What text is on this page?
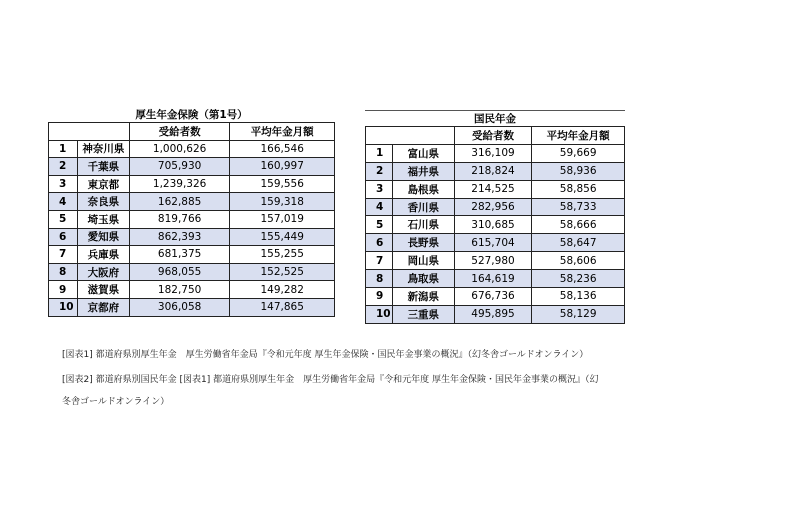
厚生年金保険（第1号）
		受給者数	平均年金月額
1	神奈川県	1,000,626	166,546
2	千葉県	705,930	160,997
3	東京都	1,239,326	159,556
4	奈良県	162,885	159,318
5	埼玉県	819,766	157,019
6	愛知県	862,393	155,449
7	兵庫県	681,375	155,255
8	大阪府	968,055	152,525
9	滋賀県	182,750	149,282
10	京都府	306,058	147,865
国民年金
		受給者数	平均年金月額
1	富山県	316,109	59,669
2	福井県	218,824	58,936
3	島根県	214,525	58,856
4	香川県	282,956	58,733
5	石川県	310,685	58,666
6	長野県	615,704	58,647
7	岡山県	527,980	58,606
8	鳥取県	164,619	58,236
9	新潟県	676,736	58,136
10	三重県	495,895	58,129
[図表1] 都道府県別厚生年金　厚生労働省年金局『令和元年度 厚生年金保険・国民年金事業の概況』（幻冬舎ゴールドオンライン）
[図表2] 都道府県別国民年金 [図表1] 都道府県別厚生年金　厚生労働省年金局『令和元年度 厚生年金保険・国民年金事業の概況』（幻
冬舎ゴールドオンライン）
